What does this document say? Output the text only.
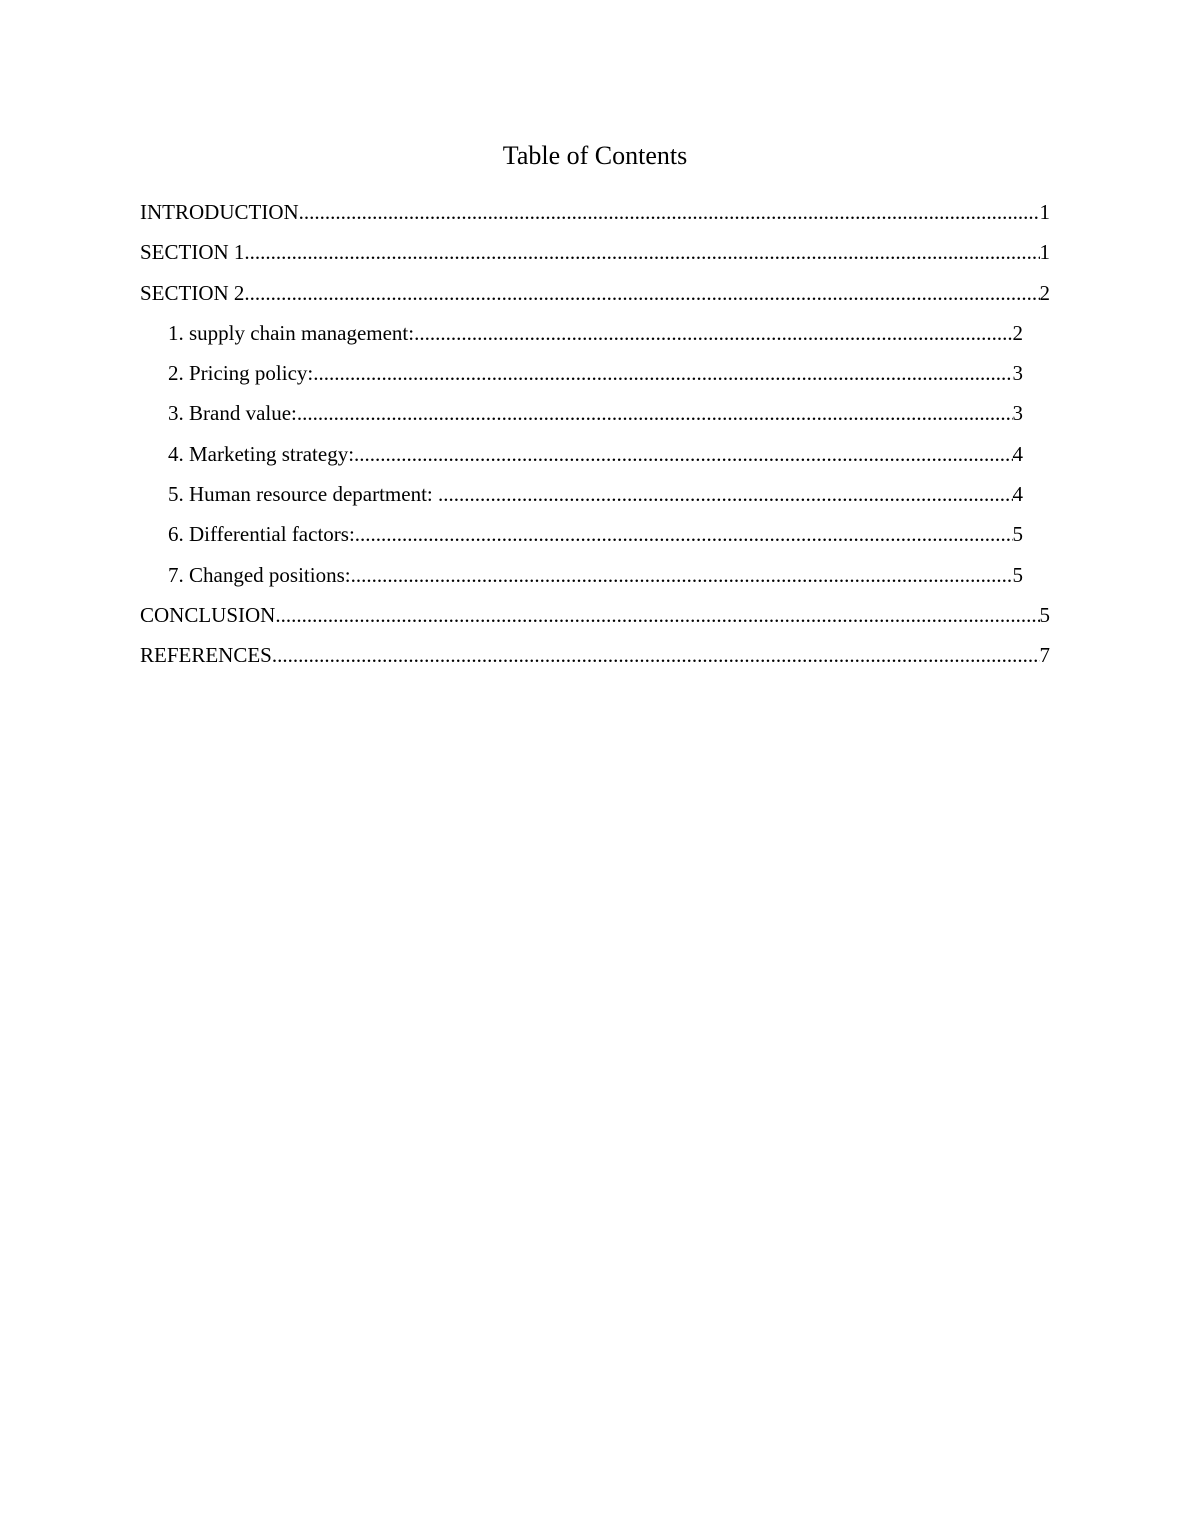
Table of Contents
INTRODUCTION .....	1
SECTION 1 .....	1
SECTION 2 .....	2
1. supply chain management: .....	2
2. Pricing policy: .....	3
3. Brand value: .....	3
4. Marketing strategy: .....	4
5. Human resource department: .....	4
6. Differential factors: .....	5
7. Changed positions: .....	5
CONCLUSION .....	5
REFERENCES .....	7
